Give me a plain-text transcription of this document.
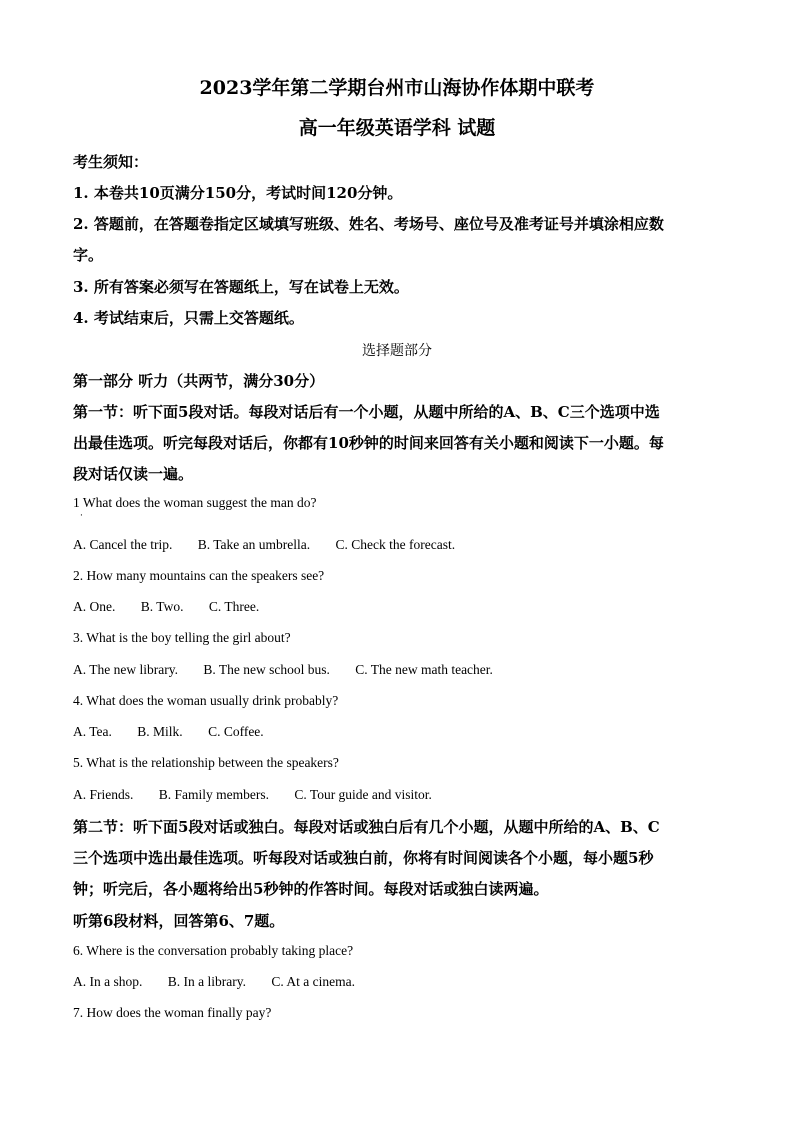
2023学年第二学期台州市山海协作体期中联考
高一年级英语学科 试题
考生须知：
1. 本卷共10页满分150分，考试时间120分钟。
2. 答题前，在答题卷指定区域填写班级、姓名、考场号、座位号及准考证号并填涂相应数
字。
3. 所有答案必须写在答题纸上，写在试卷上无效。
4. 考试结束后，只需上交答题纸。
选择题部分
第一部分 听力（共两节，满分30分）
第一节：听下面5段对话。每段对话后有一个小题，从题中所给的A、B、C三个选项中选
出最佳选项。听完每段对话后，你都有10秒钟的时间来回答有关小题和阅读下一小题。每
段对话仅读一遍。
1 What does the woman suggest the man do?
·
A. Cancel the trip. B. Take an umbrella. C. Check the forecast.
2. How many mountains can the speakers see?
A. One. B. Two. C. Three.
3. What is the boy telling the girl about?
A. The new library. B. The new school bus. C. The new math teacher.
4. What does the woman usually drink probably?
A. Tea. B. Milk. C. Coffee.
5. What is the relationship between the speakers?
A. Friends. B. Family members. C. Tour guide and visitor.
第二节：听下面5段对话或独白。每段对话或独白后有几个小题，从题中所给的A、B、C
三个选项中选出最佳选项。听每段对话或独白前，你将有时间阅读各个小题，每小题5秒
钟；听完后，各小题将给出5秒钟的作答时间。每段对话或独白读两遍。
听第6段材料，回答第6、7题。
6. Where is the conversation probably taking place?
A. In a shop. B. In a library. C. At a cinema.
7. How does the woman finally pay?
